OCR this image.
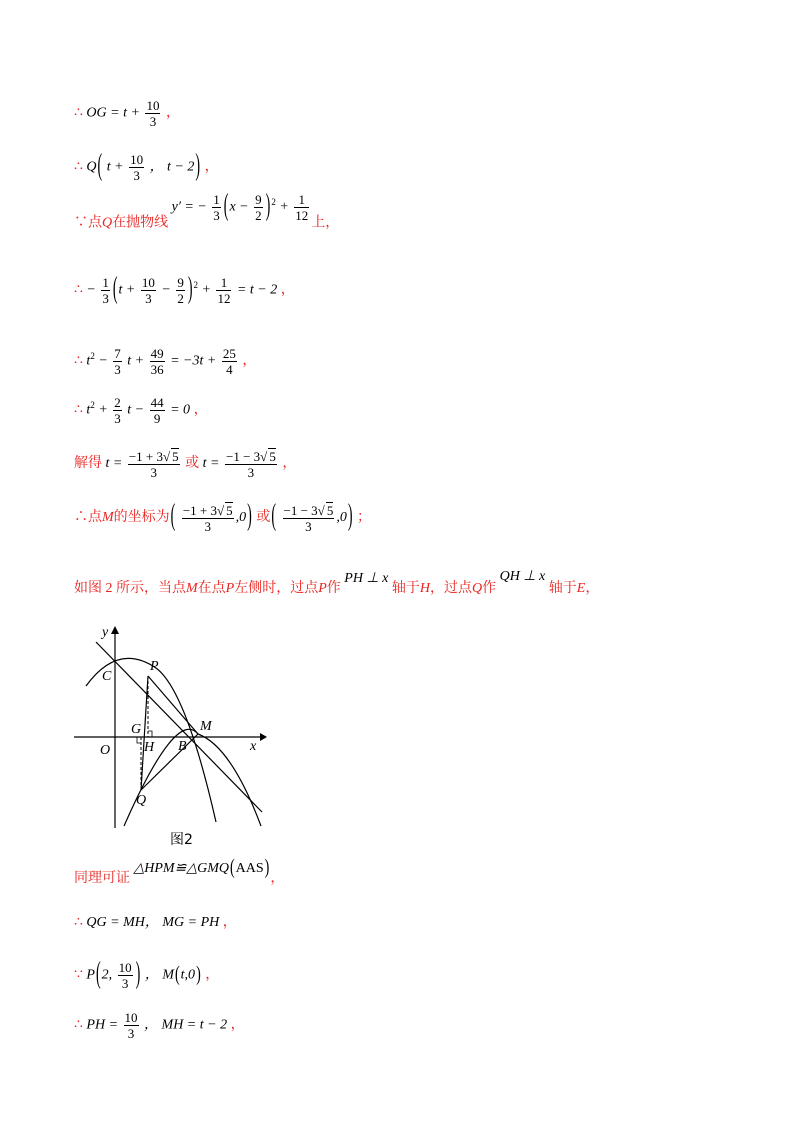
∴ OG = $t + \frac{10}{3}$ ，
∴ Q( $t + \frac{10}{3}$ ， t − 2) ，
∵点Q在抛物线 y′ = − $\frac{1}{3} (x - \frac{9}{2} )^2 + \frac{1}{12}$ 上，
∴ − $\frac{1}{3} (t + \frac{10}{3} - \frac{9}{2} )^2 + \frac{1}{12} = t - 2$ ，
∴ $t^2 - \frac{7}{3}$ $t + \frac{49}{36} = -3t + \frac{25}{4}$ ，
∴ $t^2 + \frac{2}{3}$ $t - \frac{44}{9} = 0$ ，
解得 $t = \frac{-1 + 3√ 5}{3}$ 或 $t = \frac{-1 - 3√ 5}{3}$ ，
∴点M的坐标为( $\frac{-1 + 3√ 5}{3} ,0$) 或( $\frac{-1 - 3√ 5}{3} ,0$) ；
如图 2 所示，当点M在点P左侧时，过点P作 PH ⊥ x 轴于H，过点Q作 QH ⊥ x 轴于E，
y
x
O
C
P
G
H
M
B
Q
图2
同理可证 △HPM≌△GMQ(AAS)，
∴ QG = MH， MG = PH ，
∵ P(2, $\frac{10}{3}$ ) ， M(t,0) ，
∴ PH = $\frac{10}{3}$ ， MH = t − 2 ，
